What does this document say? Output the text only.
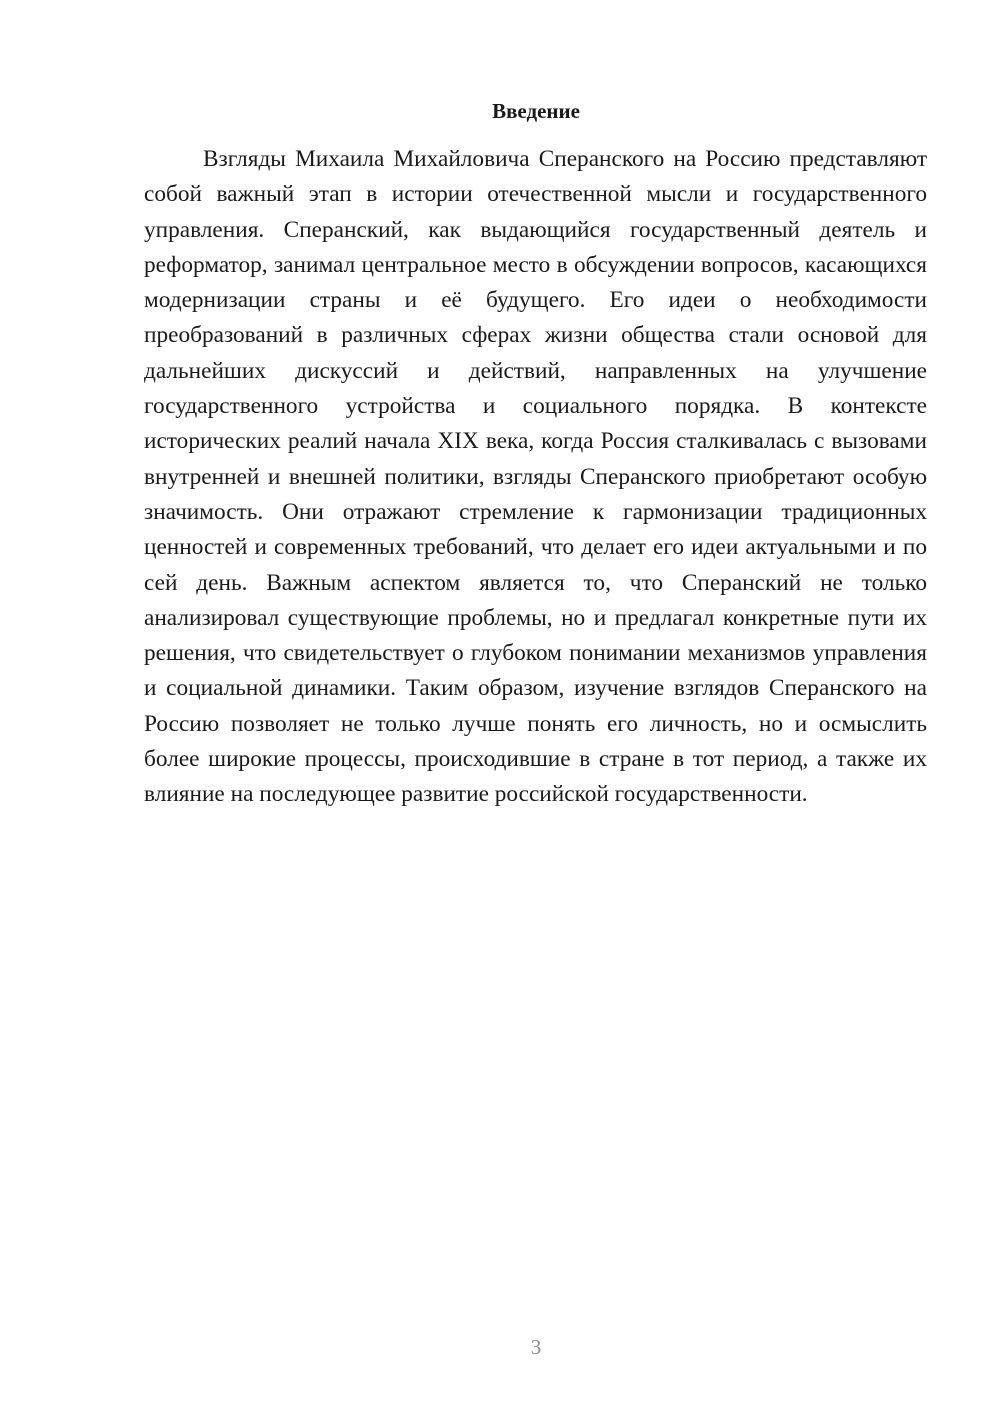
Введение

Взгляды Михаила Михайловича Сперанского на Россию представляют собой важный этап в истории отечественной мысли и государственного управления. Сперанский, как выдающийся государственный деятель и реформатор, занимал центральное место в обсуждении вопросов, касающихся модернизации страны и её будущего. Его идеи о необходимости преобразований в различных сферах жизни общества стали основой для дальнейших дискуссий и действий, направленных на улучшение государственного устройства и социального порядка. В контексте исторических реалий начала XIX века, когда Россия сталкивалась с вызовами внутренней и внешней политики, взгляды Сперанского приобретают особую значимость. Они отражают стремление к гармонизации традиционных ценностей и современных требований, что делает его идеи актуальными и по сей день. Важным аспектом является то, что Сперанский не только анализировал существующие проблемы, но и предлагал конкретные пути их решения, что свидетельствует о глубоком понимании механизмов управления и социальной динамики. Таким образом, изучение взглядов Сперанского на Россию позволяет не только лучше понять его личность, но и осмыслить более широкие процессы, происходившие в стране в тот период, а также их влияние на последующее развитие российской государственности.

3
